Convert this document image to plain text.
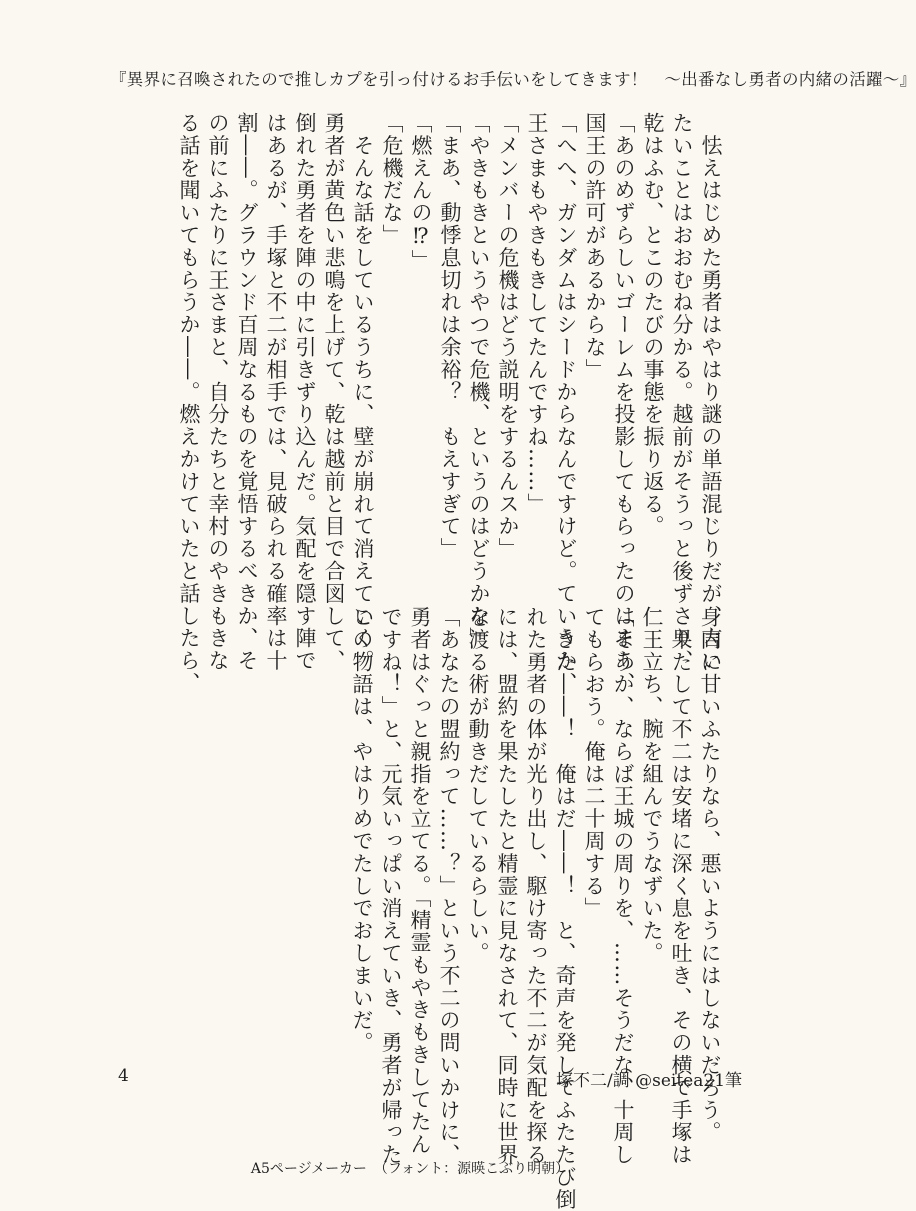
『異界に召喚されたので推しカプを引っ付けるお手伝いをしてきます！　〜出番なし勇者の内緒の活躍〜』

　怯えはじめた勇者はやはり謎の単語混じりだが、言い

たいことはおおむね分かる。越前がそうっと後ずさり、

乾はふむ、とこのたびの事態を振り返る。

「あのめずらしいゴーレムを投影してもらったのはまあ、

国王の許可があるからな」

「へへ、ガンダムはシードからなんですけど。ていうか、

王さまもやきもきしてたんですね……」

「メンバーの危機はどう説明をするんスか」

「やきもきというやつで危機、というのはどうかな」

「まあ、動悸息切れは余裕？　もえすぎて」

「燃えんの⁉」

「危機だな」

　そんな話をしているうちに、壁が崩れて消えていく。

勇者が黄色い悲鳴を上げて、乾は越前と目で合図して、

倒れた勇者を陣の中に引きずり込んだ。気配を隠す陣で

はあるが、手塚と不二が相手では、見破られる確率は十

割――。グラウンド百周なるものを覚悟するべきか、そ

の前にふたりに王さまと、自分たちと幸村のやきもきな

る話を聞いてもらうか――。燃えかけていたと話したら、

身内に甘いふたりなら、悪いようにはしないだろう。

　果たして不二は安堵に深く息を吐き、その横で手塚は

仁王立ち、腕を組んでうなずいた。

「そうか、ならば王城の周りを、……そうだな、十周し

てもらおう。俺は二十周する」

　きた――！　俺はだ――！　と、奇声を発してふたたび倒

れた勇者の体が光り出し、駆け寄った不二が気配を探る

には、盟約を果たしたと精霊に見なされて、同時に世界

を渡る術が動きだしているらしい。

「あなたの盟約って……？」という不二の問いかけに、

勇者はぐっと親指を立てる。「精霊もやきもきしてたん

ですね！」と、元気いっぱい消えていき、勇者が帰った

この物語は、やはりめでたしでおしまいだ。

4	塚不二/調 @seitea21筆
A5ページメーカー　（フォント：源暎こぶり明朝）
